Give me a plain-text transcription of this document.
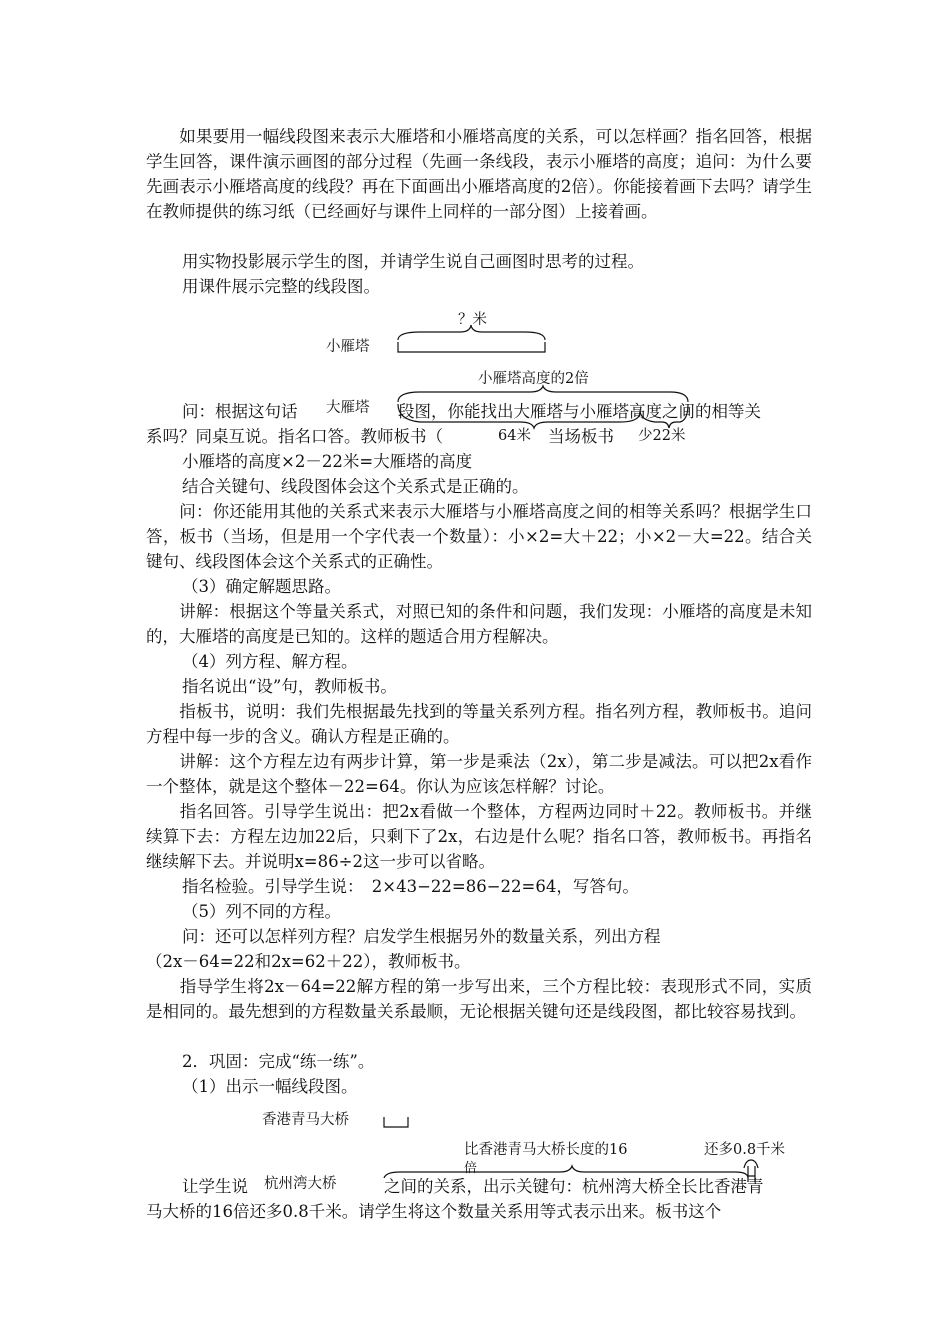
　　如果要用一幅线段图来表示大雁塔和小雁塔高度的关系，可以怎样画？指名回答，根据学生回答，课件演示画图的部分过程（先画一条线段，表示小雁塔的高度；追问：为什么要先画表示小雁塔高度的线段？再在下面画出小雁塔高度的2倍）。你能接着画下去吗？请学生在教师提供的练习纸（已经画好与课件上同样的一部分图）上接着画。
用实物投影展示学生的图，并请学生说自己画图时思考的过程。
用课件展示完整的线段图。
？米
小雁塔
小雁塔高度的2倍
问：根据这句话 大雁塔 段图，你能找出大雁塔与小雁塔高度之间的相等关
系吗？同桌互说。指名口答。教师板书（	64米 当场板书 少22米
小雁塔的高度×2－22米=大雁塔的高度
结合关键句、线段图体会这个关系式是正确的。
　　问：你还能用其他的关系式来表示大雁塔与小雁塔高度之间的相等关系吗？根据学生口答，板书（当场，但是用一个字代表一个数量）：小×2=大＋22；小×2－大=22。结合关键句、线段图体会这个关系式的正确性。
（3）确定解题思路。
　　讲解：根据这个等量关系式，对照已知的条件和问题，我们发现：小雁塔的高度是未知的，大雁塔的高度是已知的。这样的题适合用方程解决。
（4）列方程、解方程。
指名说出“设”句，教师板书。
　　指板书，说明：我们先根据最先找到的等量关系列方程。指名列方程，教师板书。追问方程中每一步的含义。确认方程是正确的。
　　讲解：这个方程左边有两步计算，第一步是乘法（2x），第二步是减法。可以把2x看作一个整体，就是这个整体－22=64。你认为应该怎样解？讨论。
　　指名回答。引导学生说出：把2x看做一个整体，方程两边同时＋22。教师板书。并继续算下去：方程左边加22后，只剩下了2x，右边是什么呢？指名口答，教师板书。再指名继续解下去。并说明x=86÷2这一步可以省略。
指名检验。引导学生说：　2×43−22=86−22=64，写答句。
（5）列不同的方程。
问：还可以怎样列方程？启发学生根据另外的数量关系，列出方程
（2x－64=22和2x=62＋22），教师板书。
　　指导学生将2x－64=22解方程的第一步写出来，三个方程比较：表现形式不同，实质是相同的。最先想到的方程数量关系最顺，无论根据关键句还是线段图，都比较容易找到。
2．巩固：完成“练一练”。
（1）出示一幅线段图。
香港青马大桥
比香港青马大桥长度的16	还多0.8千米
让学生说 杭州湾大桥	之间的关系，出示关键句：杭州湾大桥全长比香港青
倍
马大桥的16倍还多0.8千米。请学生将这个数量关系用等式表示出来。板书这个
